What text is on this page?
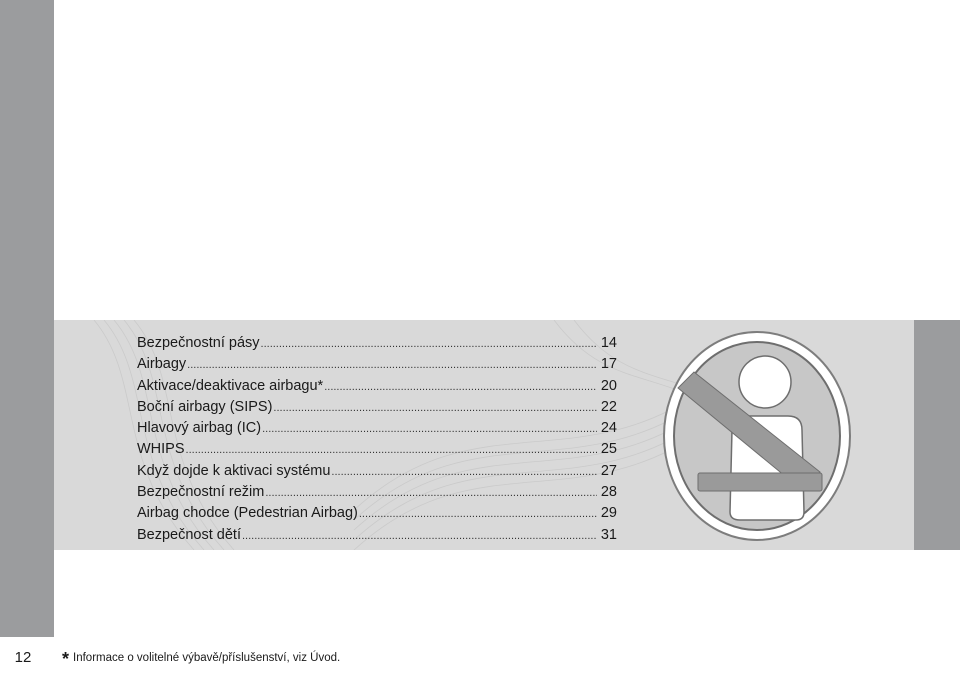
12
Bezpečnostní pásy .....	14
Airbagy .....	17
Aktivace/deaktivace airbagu* .....	20
Boční airbagy (SIPS) .....	22
Hlavový airbag (IC) .....	24
WHIPS .....	25
Když dojde k aktivaci systému .....	27
Bezpečnostní režim .....	28
Airbag chodce (Pedestrian Airbag) .....	29
Bezpečnost dětí .....	31
* Informace o volitelné výbavě/příslušenství, viz Úvod.
